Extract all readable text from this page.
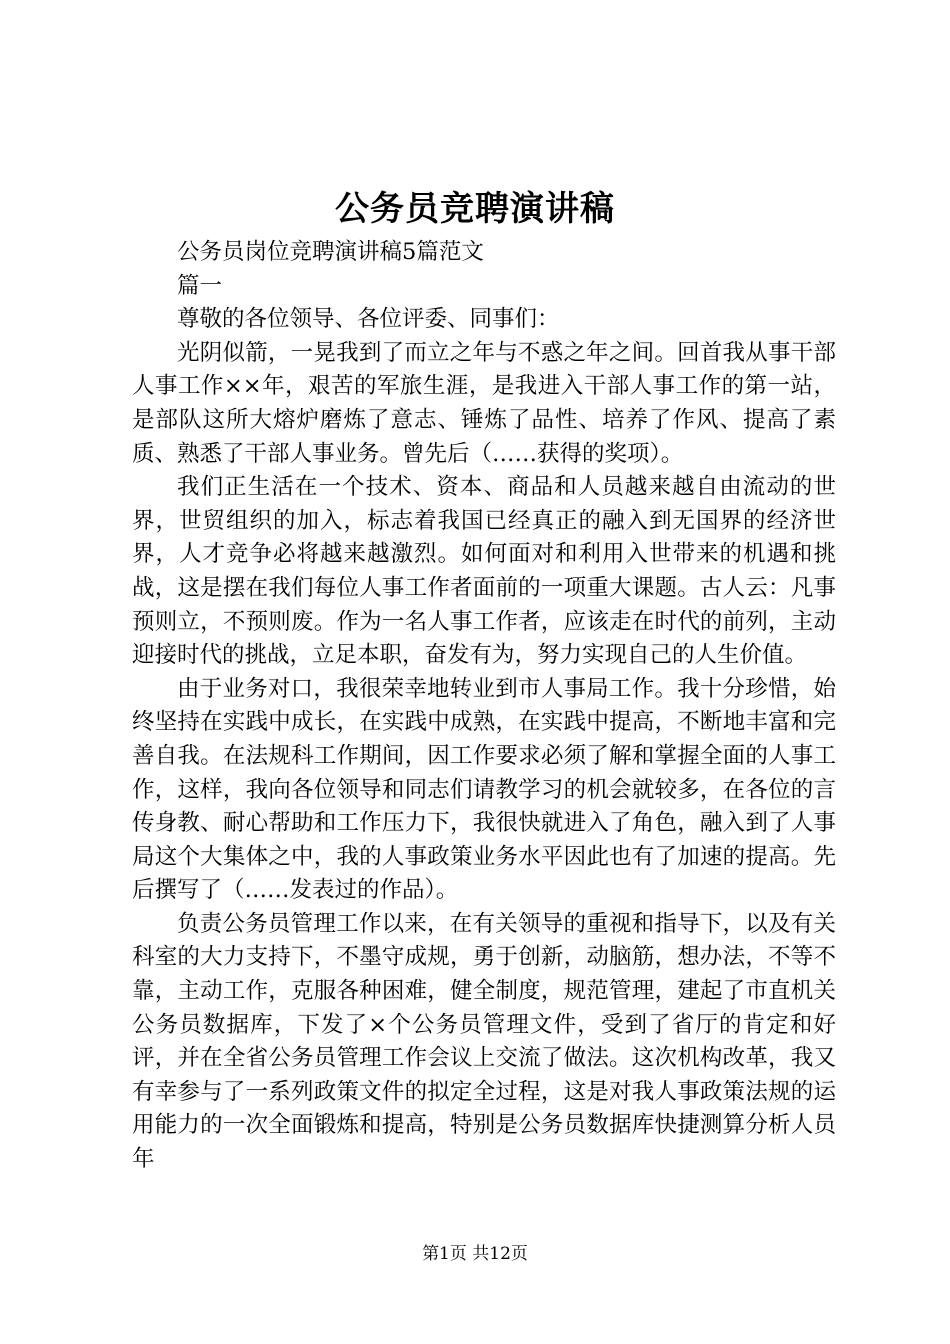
公务员竞聘演讲稿

公务员岗位竞聘演讲稿5篇范文

篇一

尊敬的各位领导、各位评委、同事们：

光阴似箭，一晃我到了而立之年与不惑之年之间。回首我从事干部人事工作××年，艰苦的军旅生涯，是我进入干部人事工作的第一站，是部队这所大熔炉磨炼了意志、锤炼了品性、培养了作风、提高了素质、熟悉了干部人事业务。曾先后（……获得的奖项）。

我们正生活在一个技术、资本、商品和人员越来越自由流动的世界，世贸组织的加入，标志着我国已经真正的融入到无国界的经济世界，人才竞争必将越来越激烈。如何面对和利用入世带来的机遇和挑战，这是摆在我们每位人事工作者面前的一项重大课题。古人云：凡事预则立，不预则废。作为一名人事工作者，应该走在时代的前列，主动迎接时代的挑战，立足本职，奋发有为，努力实现自己的人生价值。

由于业务对口，我很荣幸地转业到市人事局工作。我十分珍惜，始终坚持在实践中成长，在实践中成熟，在实践中提高，不断地丰富和完善自我。在法规科工作期间，因工作要求必须了解和掌握全面的人事工作，这样，我向各位领导和同志们请教学习的机会就较多，在各位的言传身教、耐心帮助和工作压力下，我很快就进入了角色，融入到了人事局这个大集体之中，我的人事政策业务水平因此也有了加速的提高。先后撰写了（……发表过的作品）。

负责公务员管理工作以来，在有关领导的重视和指导下，以及有关科室的大力支持下，不墨守成规，勇于创新，动脑筋，想办法，不等不靠，主动工作，克服各种困难，健全制度，规范管理，建起了市直机关公务员数据库，下发了×个公务员管理文件，受到了省厅的肯定和好评，并在全省公务员管理工作会议上交流了做法。这次机构改革，我又有幸参与了一系列政策文件的拟定全过程，这是对我人事政策法规的运用能力的一次全面锻炼和提高，特别是公务员数据库快捷测算分析人员年

第1页 共12页
